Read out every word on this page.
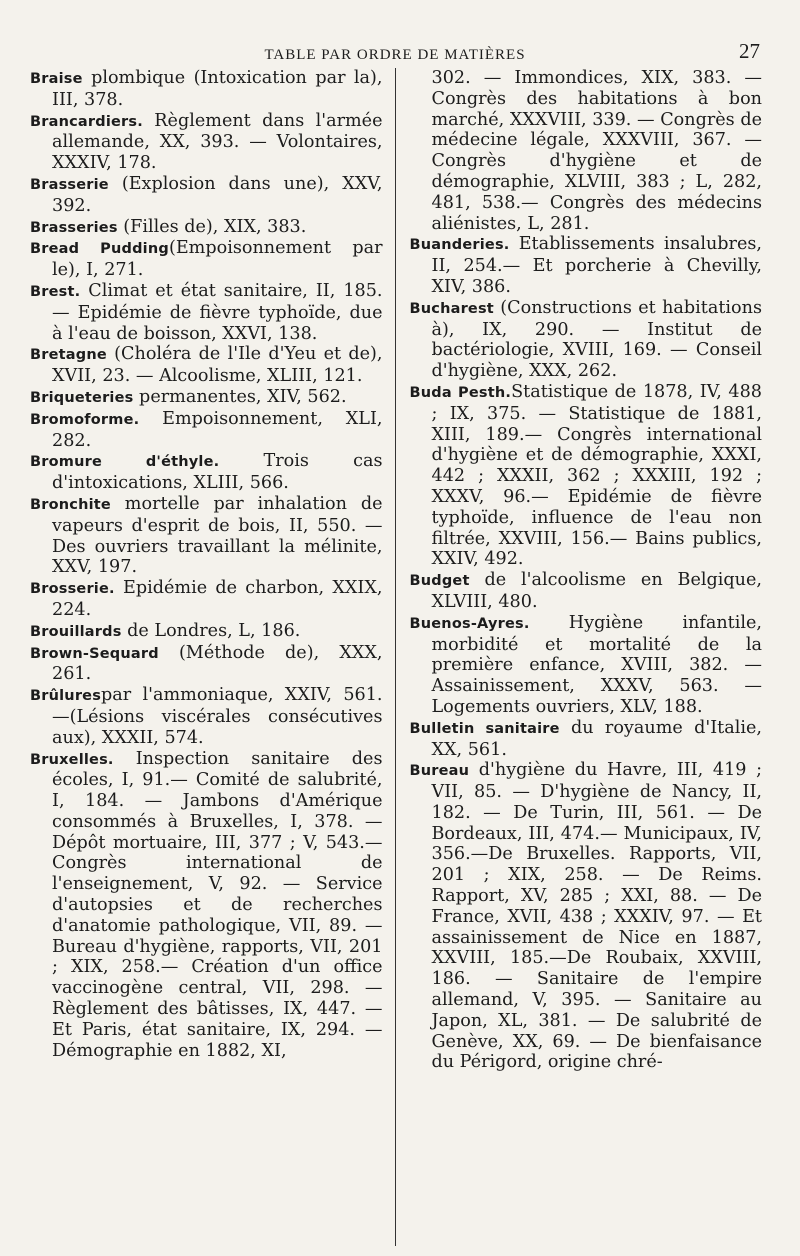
TABLE PAR ORDRE DE MATIÈRES	27

Braise plombique (Intoxication par la), III, 378.

Brancardiers. Règlement dans l'armée allemande, XX, 393. — Volontaires, XXXIV, 178.

Brasserie (Explosion dans une), XXV, 392.

Brasseries (Filles de), XIX, 383.

Bread Pudding(Empoisonnement par le), I, 271.

Brest. Climat et état sanitaire, II, 185. — Epidémie de fièvre typhoïde, due à l'eau de boisson, XXVI, 138.

Bretagne (Choléra de l'Ile d'Yeu et de), XVII, 23. — Alcoolisme, XLIII, 121.

Briqueteries permanentes, XIV, 562.

Bromoforme. Empoisonnement, XLI, 282.

Bromure d'éthyle. Trois cas d'intoxications, XLIII, 566.

Bronchite mortelle par inhalation de vapeurs d'esprit de bois, II, 550. — Des ouvriers travaillant la mélinite, XXV, 197.

Brosserie. Epidémie de charbon, XXIX, 224.

Brouillards de Londres, L, 186.

Brown-Sequard (Méthode de), XXX, 261.

Brûlurespar l'ammoniaque, XXIV, 561.—(Lésions viscérales consécutives aux), XXXII, 574.

Bruxelles. Inspection sanitaire des écoles, I, 91.— Comité de salubrité, I, 184. — Jambons d'Amérique consommés à Bruxelles, I, 378. — Dépôt mortuaire, III, 377 ; V, 543.—Congrès international de l'enseignement, V, 92. — Service d'autopsies et de recherches d'anatomie pathologique, VII, 89. — Bureau d'hygiène, rapports, VII, 201 ; XIX, 258.— Création d'un office vaccinogène central, VII, 298. — Règlement des bâtisses, IX, 447. — Et Paris, état sanitaire, IX, 294. — Démographie en 1882, XI,

302. — Immondices, XIX, 383. — Congrès des habitations à bon marché, XXXVIII, 339. — Congrès de médecine légale, XXXVIII, 367. — Congrès d'hygiène et de démographie, XLVIII, 383 ; L, 282, 481, 538.— Congrès des médecins aliénistes, L, 281.

Buanderies. Etablissements insalubres, II, 254.— Et porcherie à Chevilly, XIV, 386.

Bucharest (Constructions et habitations à), IX, 290. — Institut de bactériologie, XVIII, 169. — Conseil d'hygiène, XXX, 262.

Buda Pesth.Statistique de 1878, IV, 488 ; IX, 375. — Statistique de 1881, XIII, 189.— Congrès international d'hygiène et de démographie, XXXI, 442 ; XXXII, 362 ; XXXIII, 192 ; XXXV, 96.— Epidémie de fièvre typhoïde, influence de l'eau non filtrée, XXVIII, 156.— Bains publics, XXIV, 492.

Budget de l'alcoolisme en Belgique, XLVIII, 480.

Buenos-Ayres. Hygiène infantile, morbidité et mortalité de la première enfance, XVIII, 382. — Assainissement, XXXV, 563. —Logements ouvriers, XLV, 188.

Bulletin sanitaire du royaume d'Italie, XX, 561.

Bureau d'hygiène du Havre, III, 419 ; VII, 85. — D'hygiène de Nancy, II, 182. — De Turin, III, 561. — De Bordeaux, III, 474.— Municipaux, IV, 356.—De Bruxelles. Rapports, VII, 201 ; XIX, 258. — De Reims. Rapport, XV, 285 ; XXI, 88. — De France, XVII, 438 ; XXXIV, 97. — Et assainissement de Nice en 1887, XXVIII, 185.—De Roubaix, XXVIII, 186. — Sanitaire de l'empire allemand, V, 395. — Sanitaire au Japon, XL, 381. — De salubrité de Genève, XX, 69. — De bienfaisance du Périgord, origine chré-
